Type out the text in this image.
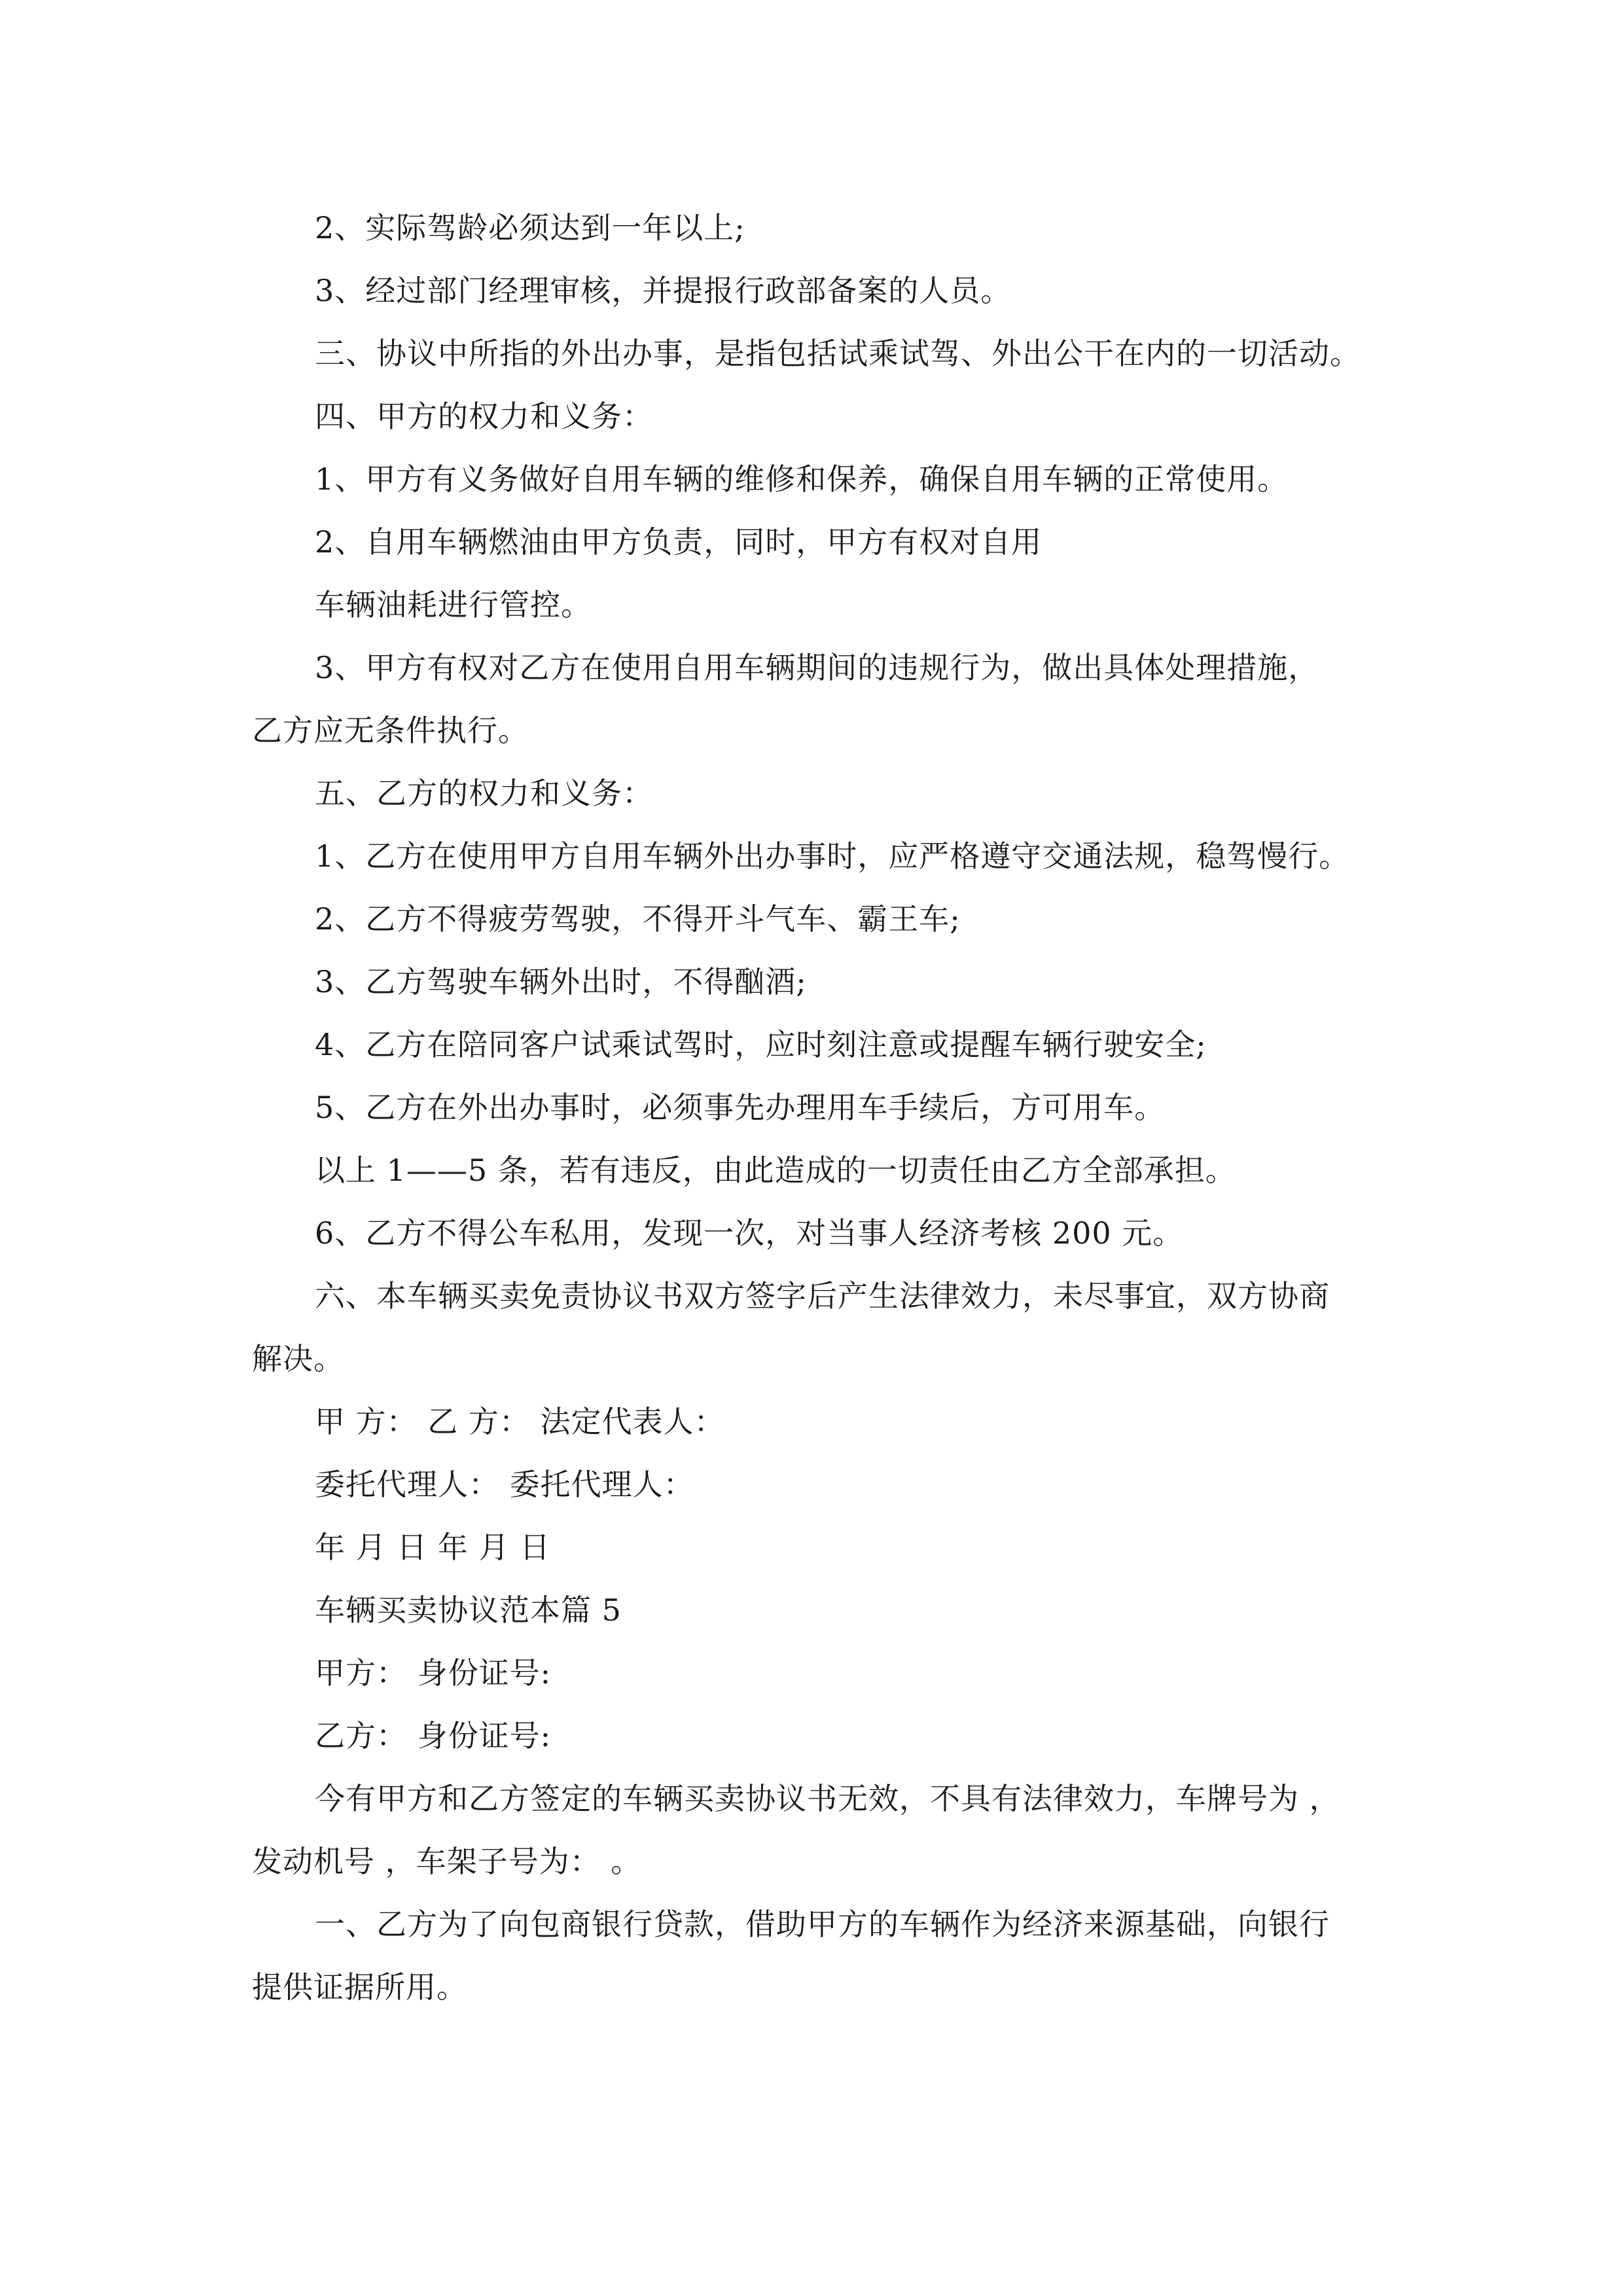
2、实际驾龄必须达到一年以上;
3、经过部门经理审核，并提报行政部备案的人员。
三、协议中所指的外出办事，是指包括试乘试驾、外出公干在内的一切活动。
四、甲方的权力和义务：
1、甲方有义务做好自用车辆的维修和保养，确保自用车辆的正常使用。
2、自用车辆燃油由甲方负责，同时，甲方有权对自用
车辆油耗进行管控。
3、甲方有权对乙方在使用自用车辆期间的违规行为，做出具体处理措施，
乙方应无条件执行。
五、乙方的权力和义务：
1、乙方在使用甲方自用车辆外出办事时，应严格遵守交通法规，稳驾慢行。
2、乙方不得疲劳驾驶，不得开斗气车、霸王车;
3、乙方驾驶车辆外出时，不得酗酒;
4、乙方在陪同客户试乘试驾时，应时刻注意或提醒车辆行驶安全;
5、乙方在外出办事时，必须事先办理用车手续后，方可用车。
以上 1——5 条，若有违反，由此造成的一切责任由乙方全部承担。
6、乙方不得公车私用，发现一次，对当事人经济考核 200 元。
六、本车辆买卖免责协议书双方签字后产生法律效力，未尽事宜，双方协商
解决。
甲 方： 乙 方： 法定代表人：
委托代理人： 委托代理人：
年 月 日 年 月 日
车辆买卖协议范本篇 5
甲方： 身份证号:
乙方： 身份证号:
今有甲方和乙方签定的车辆买卖协议书无效，不具有法律效力，车牌号为 ，
发动机号 ，车架子号为： 。
一、乙方为了向包商银行贷款，借助甲方的车辆作为经济来源基础，向银行
提供证据所用。
